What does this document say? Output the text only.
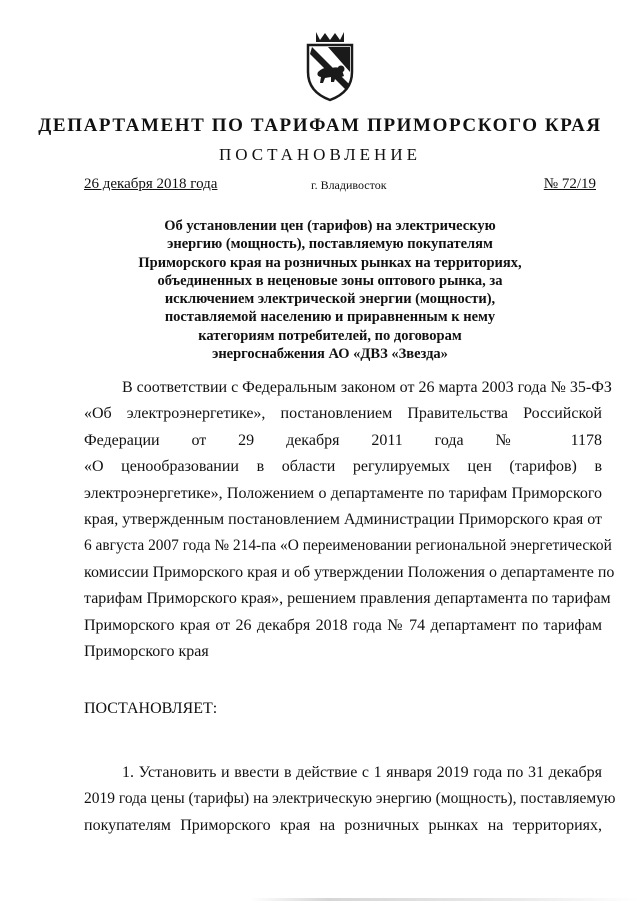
ДЕПАРТАМЕНТ ПО ТАРИФАМ ПРИМОРСКОГО КРАЯ
ПОСТАНОВЛЕНИЕ
26 декабря 2018 года	г. Владивосток	№ 72/19
Об установлении цен (тарифов) на электрическую
энергию (мощность), поставляемую покупателям
Приморского края на розничных рынках на территориях,
объединенных в неценовые зоны оптового рынка, за
исключением электрической энергии (мощности),
поставляемой населению и приравненным к нему
категориям потребителей, по договорам
энергоснабжения АО «ДВЗ «Звезда»
В соответствии с Федеральным законом от 26 марта 2003 года № 35-ФЗ
«Об электроэнергетике», постановлением Правительства Российской
Федерации от 29 декабря 2011 года № 1178
«О ценообразовании в области регулируемых цен (тарифов) в
электроэнергетике», Положением о департаменте по тарифам Приморского
края, утвержденным постановлением Администрации Приморского края от
6 августа 2007 года № 214-па «О переименовании региональной энергетической
комиссии Приморского края и об утверждении Положения о департаменте по
тарифам Приморского края», решением правления департамента по тарифам
Приморского края от 26 декабря 2018 года № 74 департамент по тарифам
Приморского края
ПОСТАНОВЛЯЕТ:
1. Установить и ввести в действие с 1 января 2019 года по 31 декабря
2019 года цены (тарифы) на электрическую энергию (мощность), поставляемую
покупателям Приморского края на розничных рынках на территориях,
